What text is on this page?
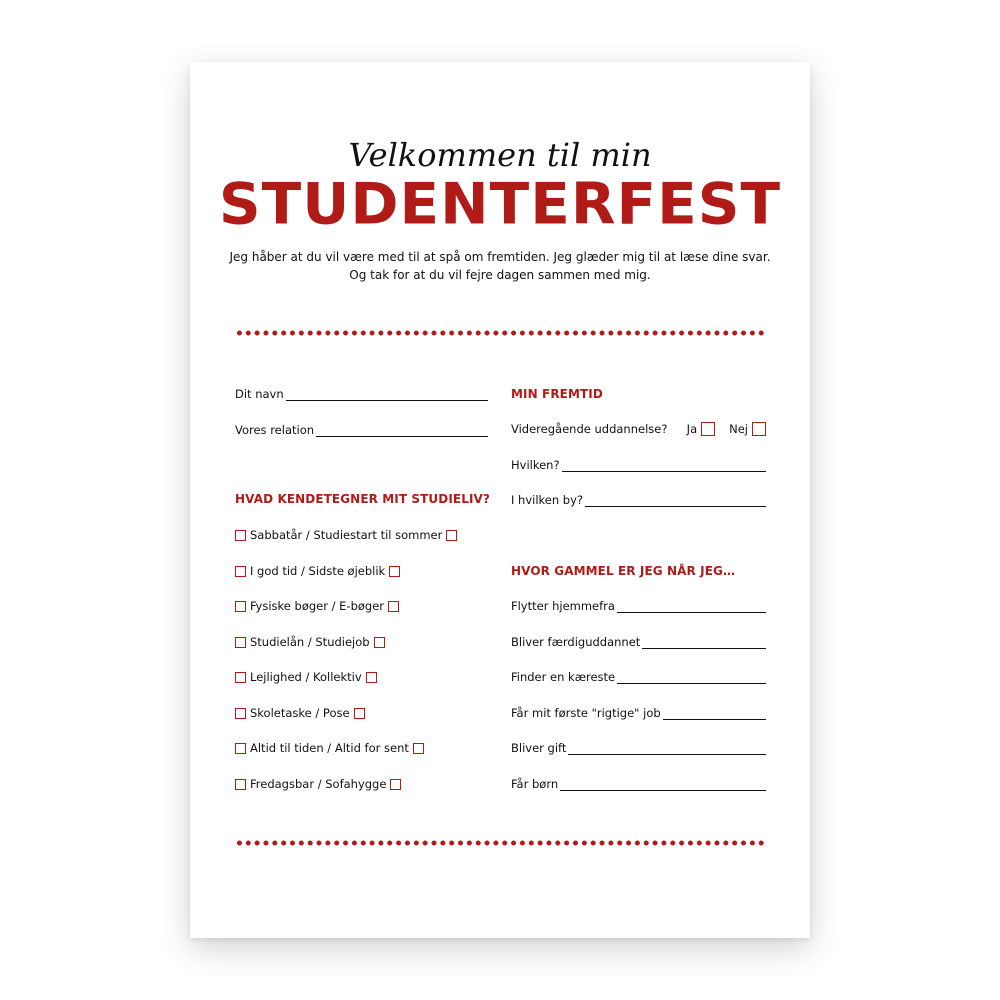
Velkommen til min
STUDENTERFEST
Jeg håber at du vil være med til at spå om fremtiden. Jeg glæder mig til at læse dine svar.
Og tak for at du vil fejre dagen sammen med mig.
Dit navn
Vores relation
HVAD KENDETEGNER MIT STUDIELIV?
Sabbatår / Studiestart til sommer
I god tid / Sidste øjeblik
Fysiske bøger / E-bøger
Studielån / Studiejob
Lejlighed / Kollektiv
Skoletaske / Pose
Altid til tiden / Altid for sent
Fredagsbar / Sofahygge
MIN FREMTID
Videregående uddannelse? Ja	Nej
Hvilken?
I hvilken by?
HVOR GAMMEL ER JEG NÅR JEG…
Flytter hjemmefra
Bliver færdiguddannet
Finder en kæreste
Får mit første "rigtige" job
Bliver gift
Får børn
